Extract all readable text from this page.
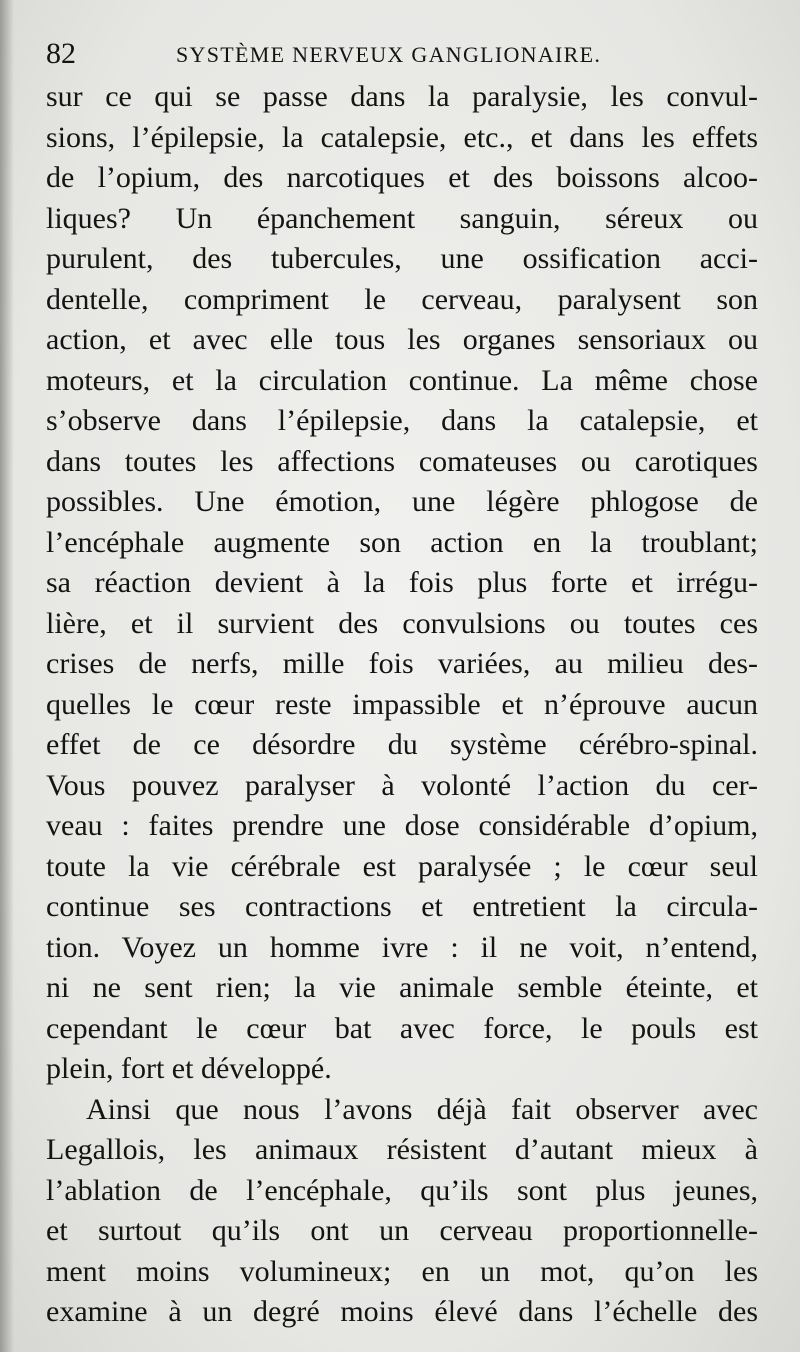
82	SYSTÈME NERVEUX GANGLIONAIRE.
sur ce qui se passe dans la paralysie, les convul-
sions, l’épilepsie, la catalepsie, etc., et dans les effets
de l’opium, des narcotiques et des boissons alcoo-
liques? Un épanchement sanguin, séreux ou
purulent, des tubercules, une ossification acci-
dentelle, compriment le cerveau, paralysent son
action, et avec elle tous les organes sensoriaux ou
moteurs, et la circulation continue. La même chose
s’observe dans l’épilepsie, dans la catalepsie, et
dans toutes les affections comateuses ou carotiques
possibles. Une émotion, une légère phlogose de
l’encéphale augmente son action en la troublant;
sa réaction devient à la fois plus forte et irrégu-
lière, et il survient des convulsions ou toutes ces
crises de nerfs, mille fois variées, au milieu des-
quelles le cœur reste impassible et n’éprouve aucun
effet de ce désordre du système cérébro-spinal.
Vous pouvez paralyser à volonté l’action du cer-
veau : faites prendre une dose considérable d’opium,
toute la vie cérébrale est paralysée ; le cœur seul
continue ses contractions et entretient la circula-
tion. Voyez un homme ivre : il ne voit, n’entend,
ni ne sent rien; la vie animale semble éteinte, et
cependant le cœur bat avec force, le pouls est
plein, fort et développé.
Ainsi que nous l’avons déjà fait observer avec
Legallois, les animaux résistent d’autant mieux à
l’ablation de l’encéphale, qu’ils sont plus jeunes,
et surtout qu’ils ont un cerveau proportionnelle-
ment moins volumineux; en un mot, qu’on les
examine à un degré moins élevé dans l’échelle des
